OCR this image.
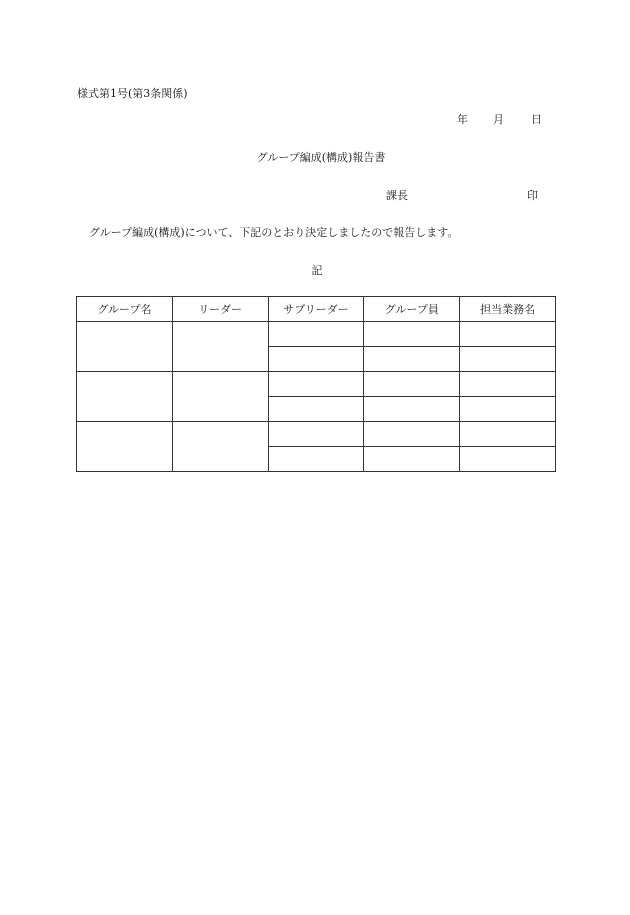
様式第1号(第3条関係)
年 月 日
グループ編成(構成)報告書
課長	印
グループ編成(構成)について、下記のとおり決定しましたので報告します。
記
グループ名	リーダー	サブリーダー	グループ員	担当業務名
